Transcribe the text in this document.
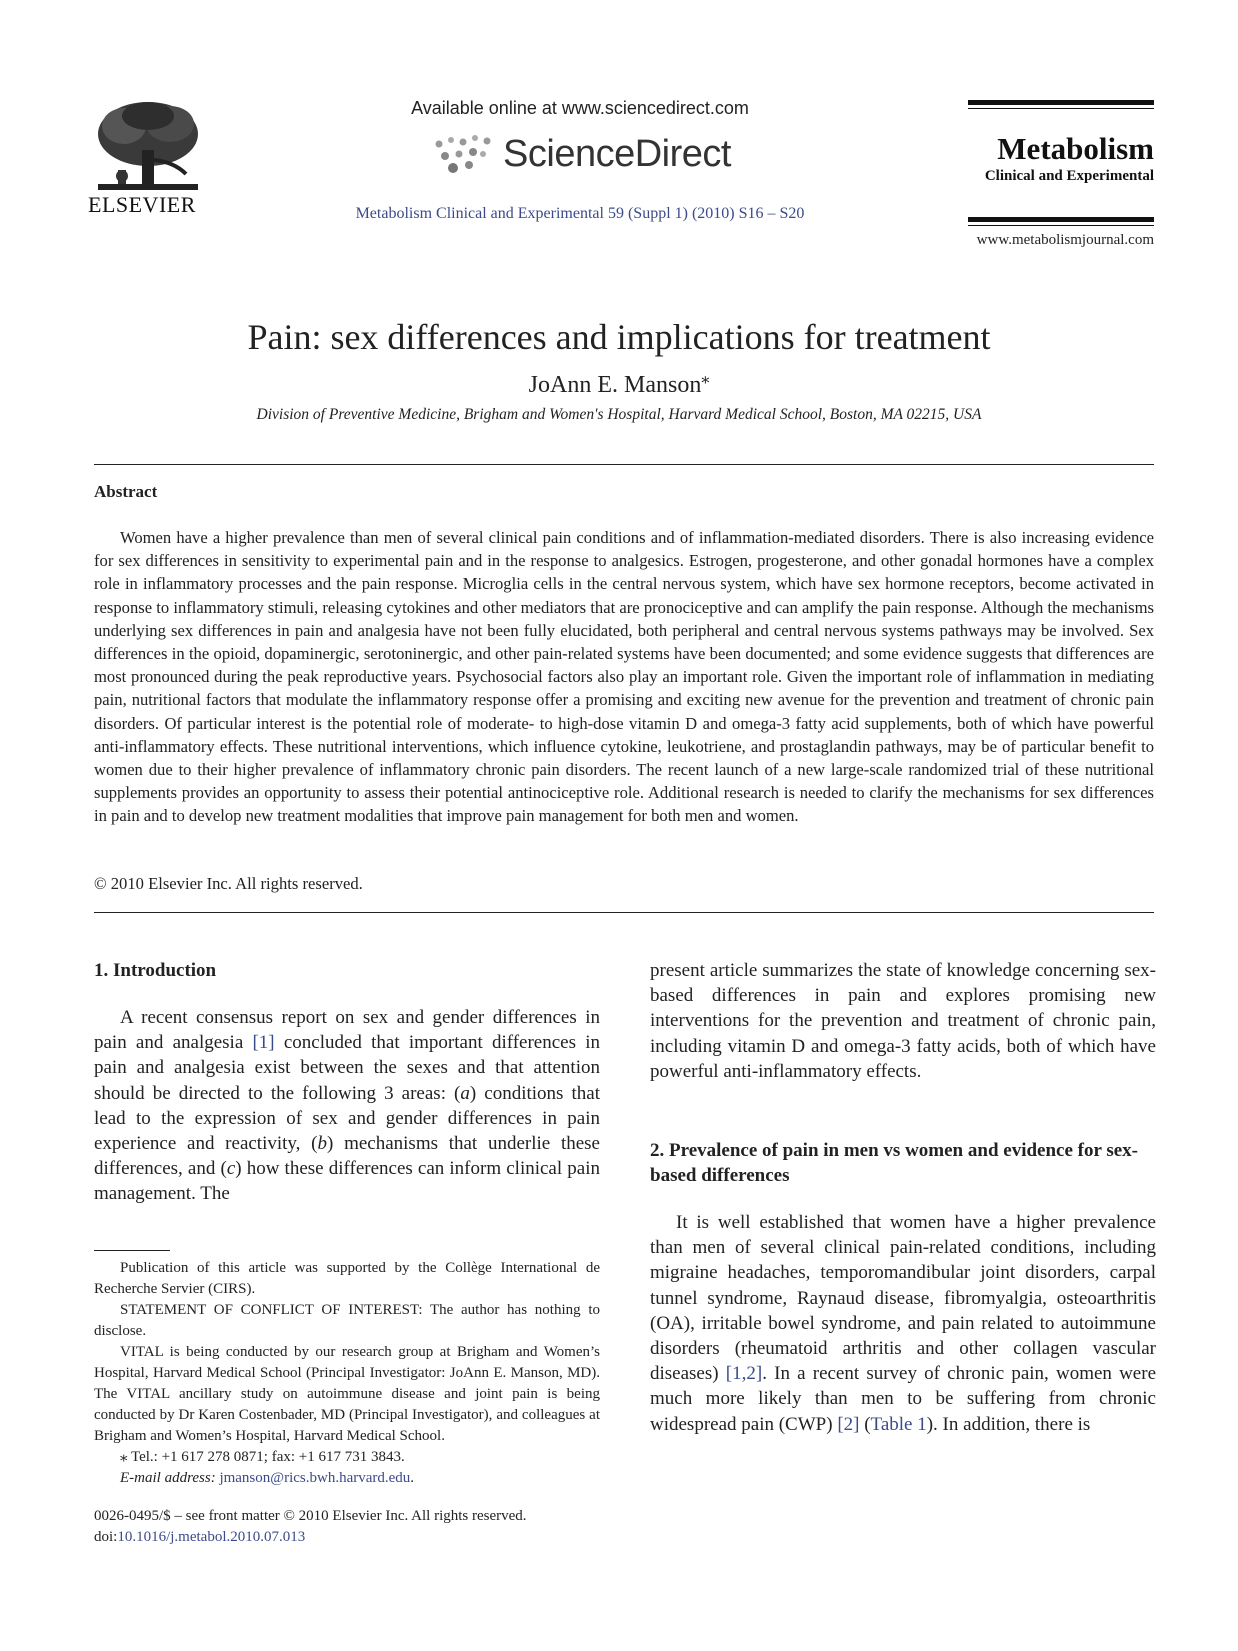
ELSEVIER
Available online at www.sciencedirect.com
ScienceDirect
Metabolism Clinical and Experimental 59 (Suppl 1) (2010) S16 – S20
Metabolism
Clinical and Experimental
www.metabolismjournal.com
Pain: sex differences and implications for treatment
JoAnn E. Manson⁎
Division of Preventive Medicine, Brigham and Women's Hospital, Harvard Medical School, Boston, MA 02215, USA
Abstract

Women have a higher prevalence than men of several clinical pain conditions and of inflammation-mediated disorders. There is also increasing evidence for sex differences in sensitivity to experimental pain and in the response to analgesics. Estrogen, progesterone, and other gonadal hormones have a complex role in inflammatory processes and the pain response. Microglia cells in the central nervous system, which have sex hormone receptors, become activated in response to inflammatory stimuli, releasing cytokines and other mediators that are pronociceptive and can amplify the pain response. Although the mechanisms underlying sex differences in pain and analgesia have not been fully elucidated, both peripheral and central nervous systems pathways may be involved. Sex differences in the opioid, dopaminergic, serotoninergic, and other pain-related systems have been documented; and some evidence suggests that differences are most pronounced during the peak reproductive years. Psychosocial factors also play an important role. Given the important role of inflammation in mediating pain, nutritional factors that modulate the inflammatory response offer a promising and exciting new avenue for the prevention and treatment of chronic pain disorders. Of particular interest is the potential role of moderate- to high-dose vitamin D and omega-3 fatty acid supplements, both of which have powerful anti-inflammatory effects. These nutritional interventions, which influence cytokine, leukotriene, and prostaglandin pathways, may be of particular benefit to women due to their higher prevalence of inflammatory chronic pain disorders. The recent launch of a new large-scale randomized trial of these nutritional supplements provides an opportunity to assess their potential antinociceptive role. Additional research is needed to clarify the mechanisms for sex differences in pain and to develop new treatment modalities that improve pain management for both men and women.

© 2010 Elsevier Inc. All rights reserved.

1. Introduction

A recent consensus report on sex and gender differences in pain and analgesia [1] concluded that important differences in pain and analgesia exist between the sexes and that attention should be directed to the following 3 areas: (a) conditions that lead to the expression of sex and gender differences in pain experience and reactivity, (b) mechanisms that underlie these differences, and (c) how these differences can inform clinical pain management. The

Publication of this article was supported by the Collège International de Recherche Servier (CIRS).

STATEMENT OF CONFLICT OF INTEREST: The author has nothing to disclose.

VITAL is being conducted by our research group at Brigham and Women’s Hospital, Harvard Medical School (Principal Investigator: JoAnn E. Manson, MD). The VITAL ancillary study on autoimmune disease and joint pain is being conducted by Dr Karen Costenbader, MD (Principal Investigator), and colleagues at Brigham and Women’s Hospital, Harvard Medical School.

⁎ Tel.: +1 617 278 0871; fax: +1 617 731 3843.

E-mail address: jmanson@rics.bwh.harvard.edu.

0026-0495/$ – see front matter © 2010 Elsevier Inc. All rights reserved.
doi:10.1016/j.metabol.2010.07.013

present article summarizes the state of knowledge concerning sex-based differences in pain and explores promising new interventions for the prevention and treatment of chronic pain, including vitamin D and omega-3 fatty acids, both of which have powerful anti-inflammatory effects.

2. Prevalence of pain in men vs women and evidence for sex-based differences

It is well established that women have a higher prevalence than men of several clinical pain-related conditions, including migraine headaches, temporomandibular joint disorders, carpal tunnel syndrome, Raynaud disease, fibromyalgia, osteoarthritis (OA), irritable bowel syndrome, and pain related to autoimmune disorders (rheumatoid arthritis and other collagen vascular diseases) [1,2]. In a recent survey of chronic pain, women were much more likely than men to be suffering from chronic widespread pain (CWP) [2] (Table 1). In addition, there is
